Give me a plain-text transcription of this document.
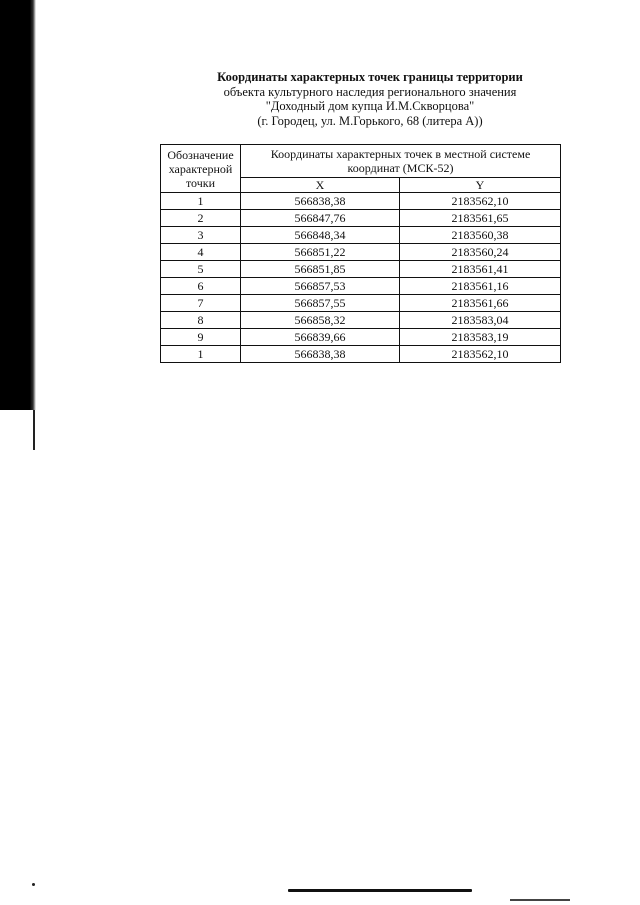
Координаты характерных точек границы территории
объекта культурного наследия регионального значения
"Доходный дом купца И.М.Скворцова"
(г. Городец, ул. М.Горького, 68 (литера А))
Обозначение
характерной
точки	Координаты характерных точек в местной системе координат (МСК-52)	
	X	Y
1	566838,38	2183562,10
2	566847,76	2183561,65
3	566848,34	2183560,38
4	566851,22	2183560,24
5	566851,85	2183561,41
6	566857,53	2183561,16
7	566857,55	2183561,66
8	566858,32	2183583,04
9	566839,66	2183583,19
1	566838,38	2183562,10
